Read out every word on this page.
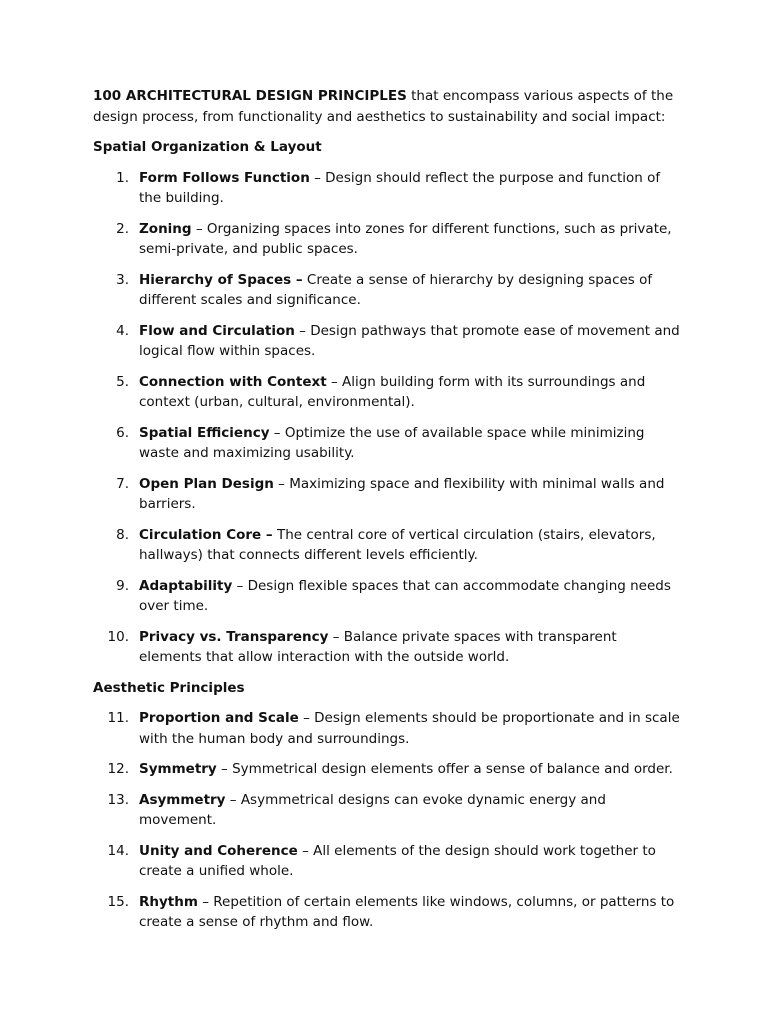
100 ARCHITECTURAL DESIGN PRINCIPLES that encompass various aspects of the design process, from functionality and aesthetics to sustainability and social impact:

Spatial Organization & Layout

1. Form Follows Function – Design should reflect the purpose and function of the building.
2. Zoning – Organizing spaces into zones for different functions, such as private, semi-private, and public spaces.
3. Hierarchy of Spaces – Create a sense of hierarchy by designing spaces of different scales and significance.
4. Flow and Circulation – Design pathways that promote ease of movement and logical flow within spaces.
5. Connection with Context – Align building form with its surroundings and context (urban, cultural, environmental).
6. Spatial Efficiency – Optimize the use of available space while minimizing waste and maximizing usability.
7. Open Plan Design – Maximizing space and flexibility with minimal walls and barriers.
8. Circulation Core – The central core of vertical circulation (stairs, elevators, hallways) that connects different levels efficiently.
9. Adaptability – Design flexible spaces that can accommodate changing needs over time.
10. Privacy vs. Transparency – Balance private spaces with transparent elements that allow interaction with the outside world.

Aesthetic Principles

11. Proportion and Scale – Design elements should be proportionate and in scale with the human body and surroundings.
12. Symmetry – Symmetrical design elements offer a sense of balance and order.
13. Asymmetry – Asymmetrical designs can evoke dynamic energy and movement.
14. Unity and Coherence – All elements of the design should work together to create a unified whole.
15. Rhythm – Repetition of certain elements like windows, columns, or patterns to create a sense of rhythm and flow.
